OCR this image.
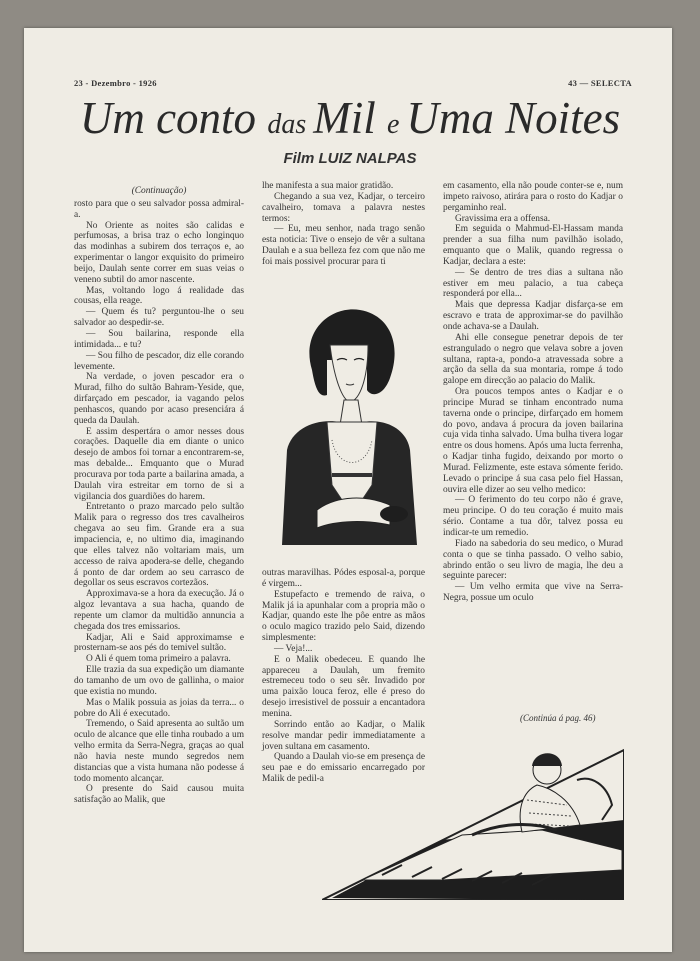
23 - Dezembro - 1926	43 — SELECTA
Um conto das Mil e Uma Noites
Film LUIZ NALPAS

(Continuação)

rosto para que o seu salvador possa admiral-a.

No Oriente as noites são calidas e perfumosas, a brisa traz o echo longinquo das modinhas a subirem dos terraços e, ao experimentar o langor exquisito do primeiro beijo, Daulah sente correr em suas veias o veneno subtil do amor nascente.

Mas, voltando logo á realidade das cousas, ella reage.

— Quem és tu? perguntou-lhe o seu salvador ao despedir-se.

— Sou bailarina, responde ella intimidada... e tu?

— Sou filho de pescador, diz elle corando levemente.

Na verdade, o joven pescador era o Murad, filho do sultão Bahram-Yeside, que, dirfarçado em pescador, ia vagando pelos penhascos, quando por acaso presenciára á queda da Daulah.

E assim despertára o amor nesses dous corações. Daquelle dia em diante o unico desejo de ambos foi tornar a encontrarem-se, mas debalde... Emquanto que o Murad procurava por toda parte a bailarina amada, a Daulah vira estreitar em torno de si a vigilancia dos guardiões do harem.

Entretanto o prazo marcado pelo sultão Malik para o regresso dos tres cavalheiros chegava ao seu fim. Grande era a sua impaciencia, e, no ultimo dia, imaginando que elles talvez não voltariam mais, um accesso de raiva apodera-se delle, chegando á ponto de dar ordem ao seu carrasco de degollar os seus escravos cortezãos.

Approximava-se a hora da execução. Já o algoz levantava a sua hacha, quando de repente um clamor da multidão annuncia a chegada dos tres emissarios.

Kadjar, Ali e Said approximamse e prosternam-se aos pés do temivel sultão.

O Ali é quem toma primeiro a palavra.

Elle trazia da sua expedição um diamante do tamanho de um ovo de gallinha, o maior que existia no mundo.

Mas o Malik possuia as joias da terra... o pobre do Ali é executado.

Tremendo, o Said apresenta ao sultão um oculo de alcance que elle tinha roubado a um velho ermita da Serra-Negra, graças ao qual não havia neste mundo segredos nem distancias que a vista humana não podesse á todo momento alcançar.

O presente do Said causou muita satisfação ao Malik, que

lhe manifesta a sua maior gratidão.

Chegando a sua vez, Kadjar, o terceiro cavalheiro, tomava a palavra nestes termos:

— Eu, meu senhor, nada trago senão esta noticia: Tive o ensejo de vêr a sultana Daulah e a sua belleza fez com que não me foi mais possivel procurar para ti

outras maravilhas. Pódes esposal-a, porque é virgem...

Estupefacto e tremendo de raiva, o Malik já ia apunhalar com a propria mão o Kadjar, quando este lhe pôe entre as mãos o oculo magico trazido pelo Said, dizendo simplesmente:

— Veja!...

E o Malik obedeceu. E quando lhe appareceu a Daulah, um fremito estremeceu todo o seu sêr. Invadido por uma paixão louca feroz, elle é preso do desejo irresistivel de possuir a encantadora menina.

Sorrindo então ao Kadjar, o Malik resolve mandar pedir immediatamente a joven sultana em casamento.

Quando a Daulah vio-se em presença de seu pae e do emissario encarregado por Malik de pedil-a

em casamento, ella não poude conter-se e, num impeto raivoso, atirára para o rosto do Kadjar o pergaminho real.

Gravissima era a offensa.

Em seguida o Mahmud-El-Hassam manda prender a sua filha num pavilhão isolado, emquanto que o Malik, quando regressa o Kadjar, declara a este:

— Se dentro de tres dias a sultana não estiver em meu palacio, a tua cabeça responderá por ella...

Mais que depressa Kadjar disfarça-se em escravo e trata de approximar-se do pavilhão onde achava-se a Daulah.

Ahi elle consegue penetrar depois de ter estrangulado o negro que velava sobre a joven sultana, rapta-a, pondo-a atravessada sobre a arção da sella da sua montaria, rompe á todo galope em direcção ao palacio do Malik.

Ora poucos tempos antes o Kadjar e o principe Murad se tinham encontrado numa taverna onde o principe, dirfarçado em homem do povo, andava á procura da joven bailarina cuja vida tinha salvado. Uma bulha tivera logar entre os dous homens. Após uma lucta ferrenha, o Kadjar tinha fugido, deixando por morto o Murad. Felizmente, este estava sómente ferido. Levado o principe á sua casa pelo fiel Hassan, ouvira elle dizer ao seu velho medico:

— O ferimento do teu corpo não é grave, meu principe. O do teu coração é muito mais sério. Contame a tua dôr, talvez possa eu indicar-te um remedio.

Fiado na sabedoria do seu medico, o Murad conta o que se tinha passado. O velho sabio, abrindo então o seu livro de magia, lhe deu a seguinte parecer:

— Um velho ermita que vive na Serra-Negra, possue um oculo

(Continúa á pag. 46)
